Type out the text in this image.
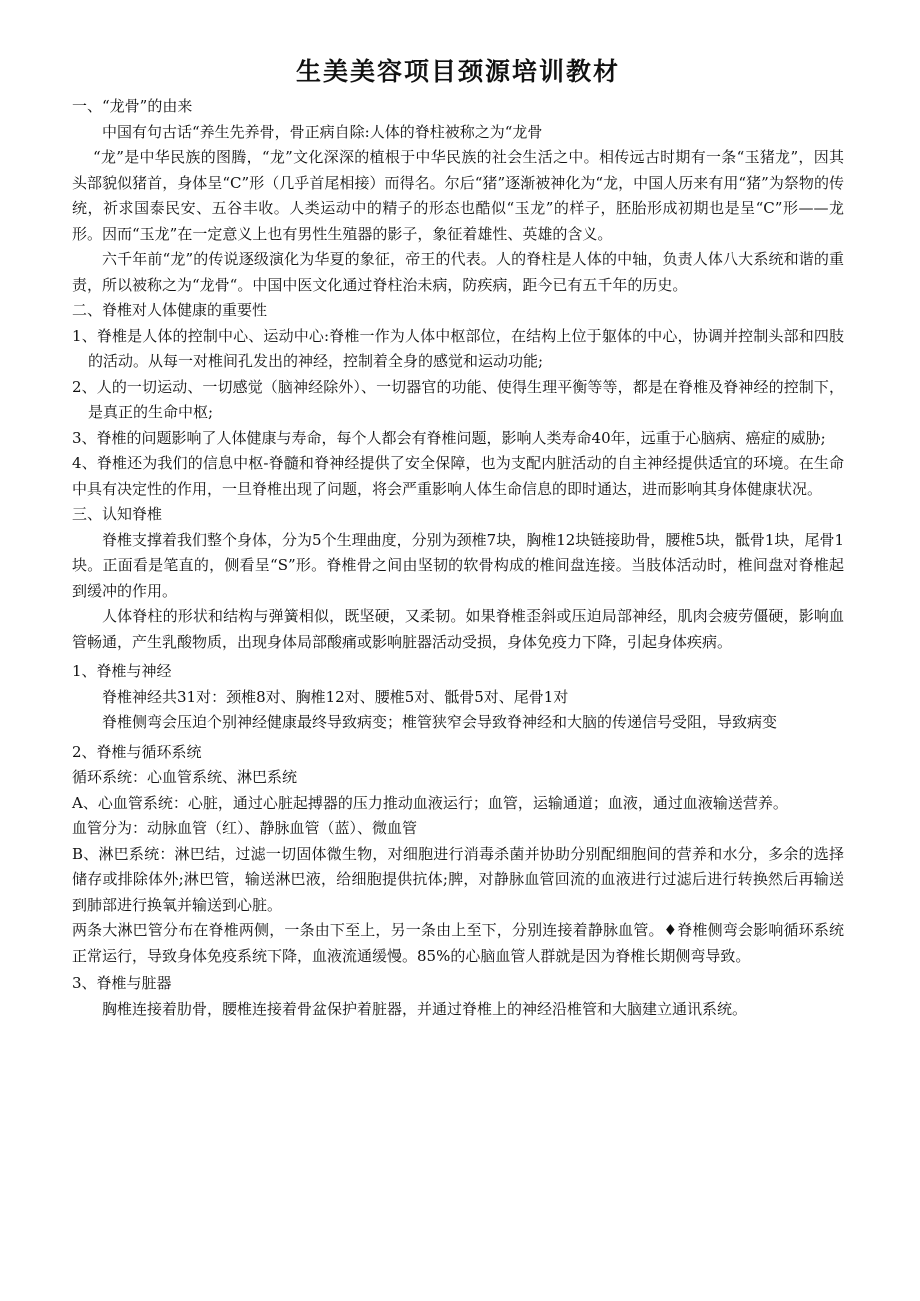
生美美容项目颈源培训教材

一、“龙骨”的由来

中国有句古话“养生先养骨，骨正病自除:人体的脊柱被称之为“龙骨

“龙”是中华民族的图腾，“龙”文化深深的植根于中华民族的社会生活之中。相传远古时期有一条“玉猪龙”，因其头部貌似猪首，身体呈“C”形（几乎首尾相接）而得名。尔后“猪”逐渐被神化为“龙，中国人历来有用“猪”为祭物的传统，祈求国泰民安、五谷丰收。人类运动中的精子的形态也酷似“玉龙”的样子，胚胎形成初期也是呈“C”形——龙形。因而“玉龙”在一定意义上也有男性生殖器的影子，象征着雄性、英雄的含义。

六千年前“龙”的传说逐级演化为华夏的象征，帝王的代表。人的脊柱是人体的中轴，负责人体八大系统和谐的重责，所以被称之为“龙骨“。中国中医文化通过脊柱治未病，防疾病，距今已有五千年的历史。

二、脊椎对人体健康的重要性

1、脊椎是人体的控制中心、运动中心:脊椎一作为人体中枢部位，在结构上位于躯体的中心，协调并控制头部和四肢的活动。从每一对椎间孔发出的神经，控制着全身的感觉和运动功能;

2、人的一切运动、一切感觉（脑神经除外）、一切器官的功能、使得生理平衡等等，都是在脊椎及脊神经的控制下，是真正的生命中枢;

3、脊椎的问题影响了人体健康与寿命，每个人都会有脊椎问题，影响人类寿命40年，远重于心脑病、癌症的威胁;

4、脊椎还为我们的信息中枢-脊髓和脊神经提供了安全保障，也为支配内脏活动的自主神经提供适宜的环境。在生命中具有决定性的作用，一旦脊椎出现了问题，将会严重影响人体生命信息的即时通达，进而影响其身体健康状况。

三、认知脊椎

脊椎支撑着我们整个身体，分为5个生理曲度，分别为颈椎7块，胸椎12块链接助骨，腰椎5块，骶骨1块，尾骨1块。正面看是笔直的，侧看呈“S”形。脊椎骨之间由坚韧的软骨构成的椎间盘连接。当肢体活动时，椎间盘对脊椎起到缓冲的作用。

人体脊柱的形状和结构与弹簧相似，既坚硬，又柔韧。如果脊椎歪斜或压迫局部神经，肌肉会疲劳僵硬，影响血管畅通，产生乳酸物质，出现身体局部酸痛或影响脏器活动受损，身体免疫力下降，引起身体疾病。

1、脊椎与神经

脊椎神经共31对：颈椎8对、胸椎12对、腰椎5对、骶骨5对、尾骨1对

脊椎侧弯会压迫个别神经健康最终导致病变；椎管狭窄会导致脊神经和大脑的传递信号受阻，导致病变

2、脊椎与循环系统

循环系统：心血管系统、淋巴系统

A、心血管系统：心脏，通过心脏起搏器的压力推动血液运行；血管，运输通道；血液，通过血液输送营养。

血管分为：动脉血管（红）、静脉血管（蓝）、微血管

B、淋巴系统：淋巴结，过滤一切固体微生物，对细胞进行消毒杀菌并协助分别配细胞间的营养和水分，多余的选择储存或排除体外;淋巴管，输送淋巴液，给细胞提供抗体;脾，对静脉血管回流的血液进行过滤后进行转换然后再输送到肺部进行换氧并输送到心脏。

两条大淋巴管分布在脊椎两侧，一条由下至上，另一条由上至下，分别连接着静脉血管。♦脊椎侧弯会影响循环系统正常运行，导致身体免疫系统下降，血液流通缓慢。85%的心脑血管人群就是因为脊椎长期侧弯导致。

3、脊椎与脏器

胸椎连接着肋骨，腰椎连接着骨盆保护着脏器，并通过脊椎上的神经沿椎管和大脑建立通讯系统。
